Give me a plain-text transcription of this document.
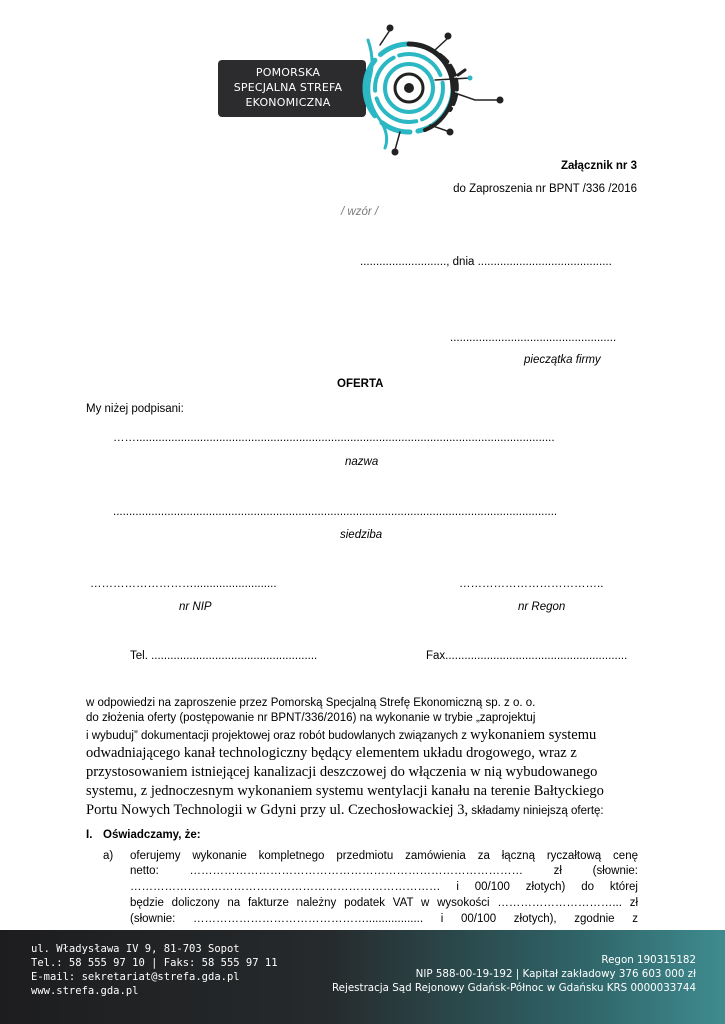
POMORSKA
SPECJALNA STREFA
EKONOMICZNA
Załącznik nr 3
do Zaproszenia nr BPNT /336 /2016
/ wzór /
..........................., dnia ..........................................
....................................................
pieczątka firmy
OFERTA
My niżej podpisani:
……...................................................................................................................................
nazwa
...........................................................................................................................................
siedziba
………………………..........................
nr NIP
………………………………..
nr Regon
Tel. ....................................................	Fax.........................................................
w odpowiedzi na zaproszenie przez Pomorską Specjalną Strefę Ekonomiczną sp. z o. o.
do złożenia oferty (postępowanie nr BPNT/336/2016) na wykonanie w trybie „zaprojektuj
i wybuduj” dokumentacji projektowej oraz robót budowlanych związanych z wykonaniem systemu
odwadniającego kanał technologiczny będący elementem układu drogowego, wraz z
przystosowaniem istniejącej kanalizacji deszczowej do włączenia w nią wybudowanego
systemu, z jednoczesnym wykonaniem systemu wentylacji kanału na terenie Bałtyckiego
Portu Nowych Technologii w Gdyni przy ul. Czechosłowackiej 3, składamy niniejszą ofertę:
I. Oświadczamy, że:
a) oferujemy wykonanie kompletnego przedmiotu zamówienia za łączną ryczałtową cenę
netto: …………………………………………………………………………… zł (słownie:
……………………………………………………………………… i 00/100 złotych) do której
będzie doliczony na fakturze należny podatek VAT w wysokości …………………………... zł
(słownie: ……………………………………….................. i 00/100 złotych), zgodnie z
ul. Władysława IV 9, 81-703 Sopot
Tel.: 58 555 97 10 | Faks: 58 555 97 11
E-mail: sekretariat@strefa.gda.pl
www.strefa.gda.pl
Regon 190315182
NIP 588-00-19-192 | Kapitał zakładowy 376 603 000 zł
Rejestracja Sąd Rejonowy Gdańsk-Północ w Gdańsku KRS 0000033744
